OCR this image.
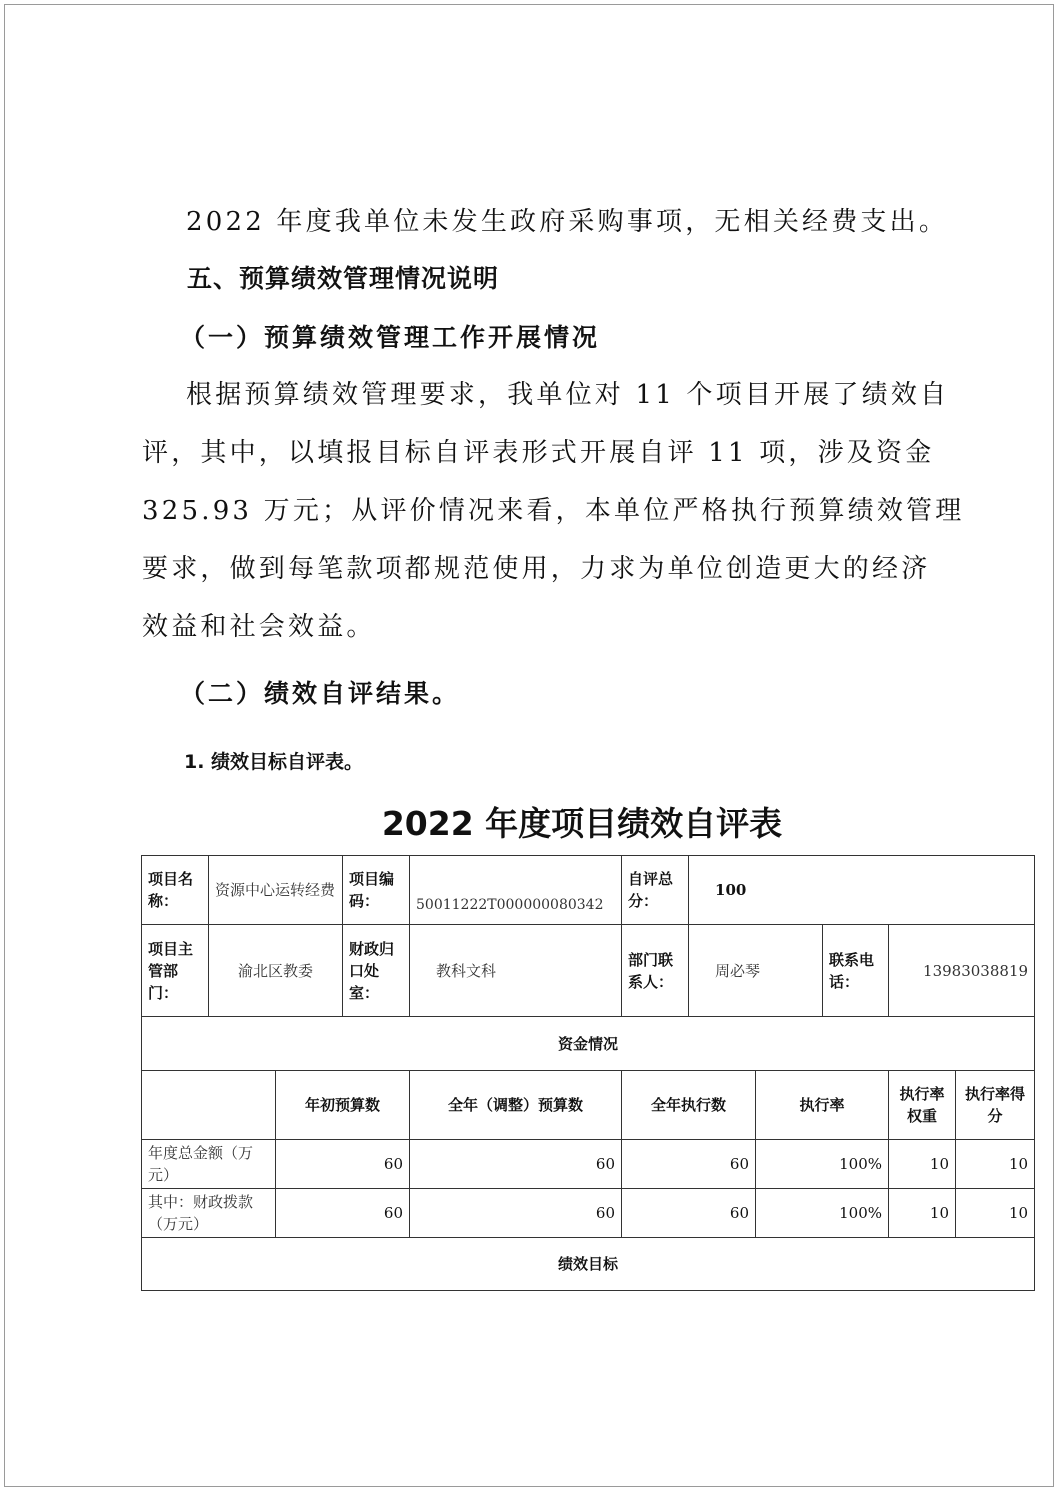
2022 年度我单位未发生政府采购事项，无相关经费支出。
五、预算绩效管理情况说明
（一）预算绩效管理工作开展情况
根据预算绩效管理要求，我单位对 11 个项目开展了绩效自
评，其中，以填报目标自评表形式开展自评 11 项，涉及资金
325.93 万元；从评价情况来看，本单位严格执行预算绩效管理
要求，做到每笔款项都规范使用，力求为单位创造更大的经济
效益和社会效益。
（二）绩效自评结果。
1. 绩效目标自评表。
2022 年度项目绩效自评表
项目名称：	资源中心运转经费		项目编码：	50011222T000000080342	自评总分：	100				
项目主管部门：	渝北区教委		财政归口处室：	教科文科	部门联系人：	周必琴		联系电话：	13983038819	
资金情况										
		年初预算数		全年（调整）预算数	全年执行数		执行率		执行率权重	执行率得分
年度总金额（万元）		60		60	60		100%		10	10
其中：财政拨款（万元）		60		60	60		100%		10	10
绩效目标										
